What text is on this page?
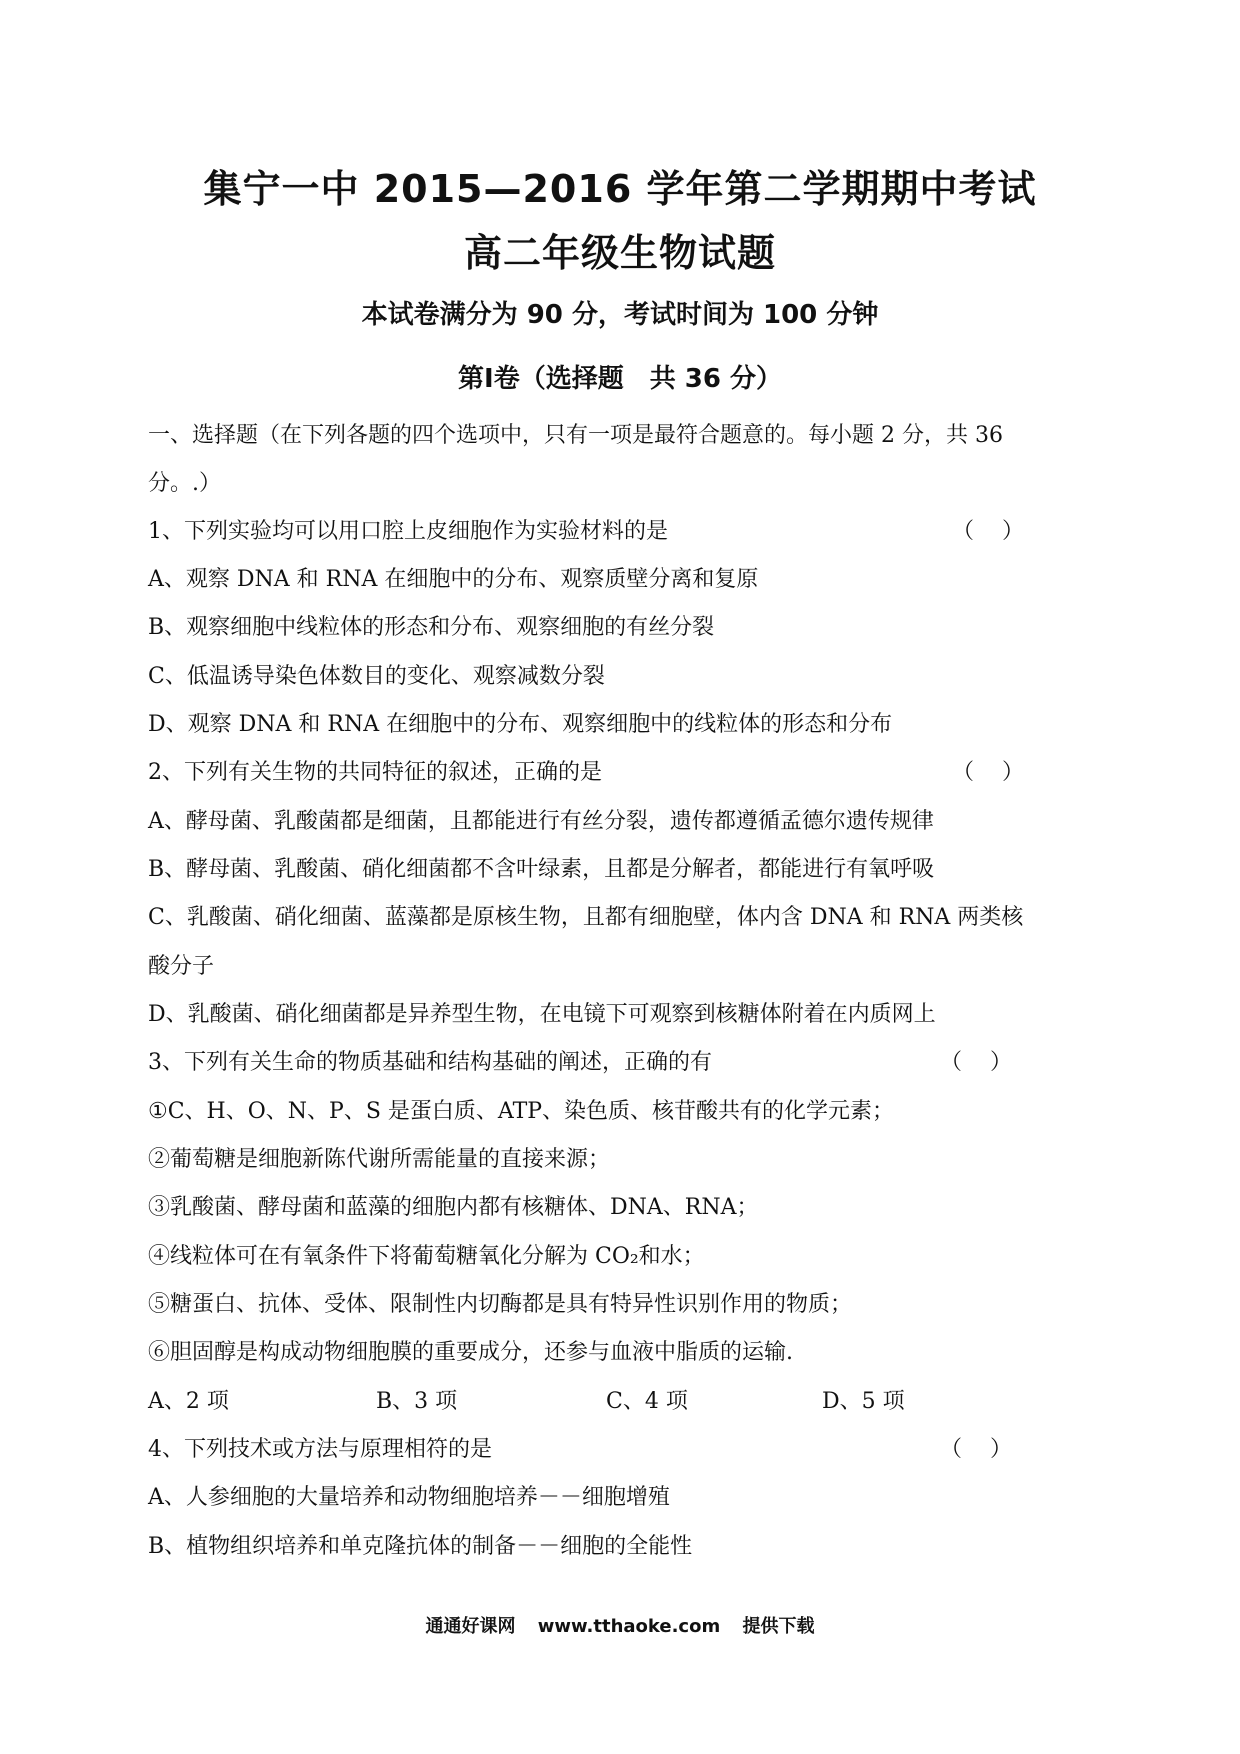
集宁一中 2015—2016 学年第二学期期中考试
高二年级生物试题
本试卷满分为 90 分，考试时间为 100 分钟
第Ⅰ卷（选择题　共 36 分）
一、选择题（在下列各题的四个选项中，只有一项是最符合题意的。每小题 2 分，共 36
分。.）
1、下列实验均可以用口腔上皮细胞作为实验材料的是	（）
A、观察 DNA 和 RNA 在细胞中的分布、观察质壁分离和复原
B、观察细胞中线粒体的形态和分布、观察细胞的有丝分裂
C、低温诱导染色体数目的变化、观察减数分裂
D、观察 DNA 和 RNA 在细胞中的分布、观察细胞中的线粒体的形态和分布
2、下列有关生物的共同特征的叙述，正确的是	（）
A、酵母菌、乳酸菌都是细菌，且都能进行有丝分裂，遗传都遵循孟德尔遗传规律
B、酵母菌、乳酸菌、硝化细菌都不含叶绿素，且都是分解者，都能进行有氧呼吸
C、乳酸菌、硝化细菌、蓝藻都是原核生物，且都有细胞壁，体内含 DNA 和 RNA 两类核
酸分子
D、乳酸菌、硝化细菌都是异养型生物，在电镜下可观察到核糖体附着在内质网上
3、下列有关生命的物质基础和结构基础的阐述，正确的有	（）
①C、H、O、N、P、S 是蛋白质、ATP、染色质、核苷酸共有的化学元素；
②葡萄糖是细胞新陈代谢所需能量的直接来源；
③乳酸菌、酵母菌和蓝藻的细胞内都有核糖体、DNA、RNA；
④线粒体可在有氧条件下将葡萄糖氧化分解为 CO₂和水；
⑤糖蛋白、抗体、受体、限制性内切酶都是具有特异性识别作用的物质；
⑥胆固醇是构成动物细胞膜的重要成分，还参与血液中脂质的运输.
A、2 项	B、3 项	C、4 项	D、5 项
4、下列技术或方法与原理相符的是	（）
A、人参细胞的大量培养和动物细胞培养－－细胞增殖
B、植物组织培养和单克隆抗体的制备－－细胞的全能性
通通好课网 www.tthaoke.com 提供下载
